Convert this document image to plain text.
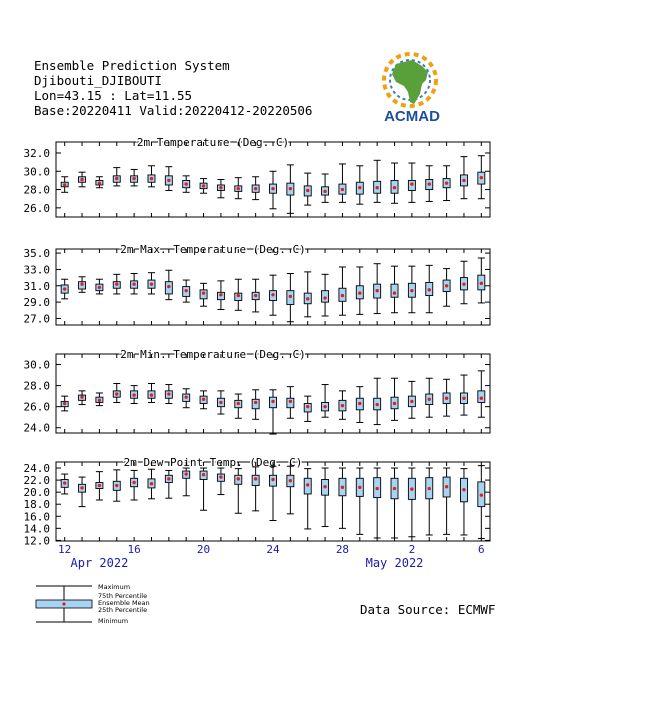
Ensemble Prediction System
Djibouti_DJIBOUTI
Lon=43.15 : Lat=11.55
Base:20220411 Valid:20220412-20220506	ACMAD
2m Temperature (Deg. C)
32.0
30.0
28.0
26.0
2m Max. Temperature (Deg. C)
35.0
33.0
31.0
29.0
27.0
2m Min. Temperature (Deg. C)
30.0
28.0
26.0
24.0
2m Dew Point Temp. (Deg. C)
24.0
22.0
20.0
18.0
16.0
14.0
12.0
12	16	20	24	28	2	6
Apr 2022	May 2022
Maximum
75th Percentile
Ensemble Mean
25th Percentile
Minimum
Data Source: ECMWF
